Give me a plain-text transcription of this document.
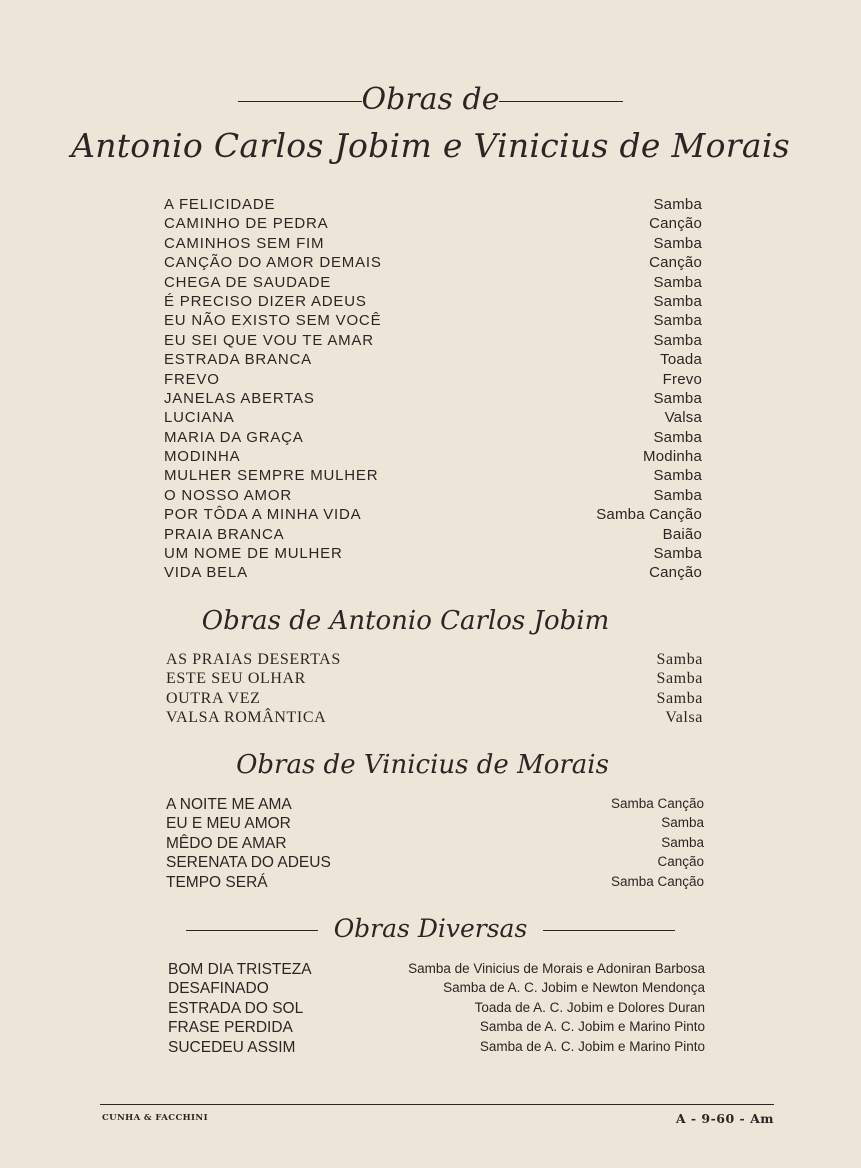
Obras de
Antonio Carlos Jobim e Vinicius de Morais
A FELICIDADE	Samba
CAMINHO DE PEDRA	Canção
CAMINHOS SEM FIM	Samba
CANÇÃO DO AMOR DEMAIS	Canção
CHEGA DE SAUDADE	Samba
É PRECISO DIZER ADEUS	Samba
EU NÃO EXISTO SEM VOCÊ	Samba
EU SEI QUE VOU TE AMAR	Samba
ESTRADA BRANCA	Toada
FREVO	Frevo
JANELAS ABERTAS	Samba
LUCIANA	Valsa
MARIA DA GRAÇA	Samba
MODINHA	Modinha
MULHER SEMPRE MULHER	Samba
O NOSSO AMOR	Samba
POR TÔDA A MINHA VIDA	Samba Canção
PRAIA BRANCA	Baião
UM NOME DE MULHER	Samba
VIDA BELA	Canção
Obras de Antonio Carlos Jobim
AS PRAIAS DESERTAS	Samba
ESTE SEU OLHAR	Samba
OUTRA VEZ	Samba
VALSA ROMÂNTICA	Valsa
Obras de Vinicius de Morais
A NOITE ME AMA	Samba Canção
EU E MEU AMOR	Samba
MÊDO DE AMAR	Samba
SERENATA DO ADEUS	Canção
TEMPO SERÁ	Samba Canção
Obras Diversas
BOM DIA TRISTEZA	Samba de Vinicius de Morais e Adoniran Barbosa
DESAFINADO	Samba de A. C. Jobim e Newton Mendonça
ESTRADA DO SOL	Toada de A. C. Jobim e Dolores Duran
FRASE PERDIDA	Samba de A. C. Jobim e Marino Pinto
SUCEDEU ASSIM	Samba de A. C. Jobim e Marino Pinto
CUNHA & FACCHINI	A - 9-60 - Am
